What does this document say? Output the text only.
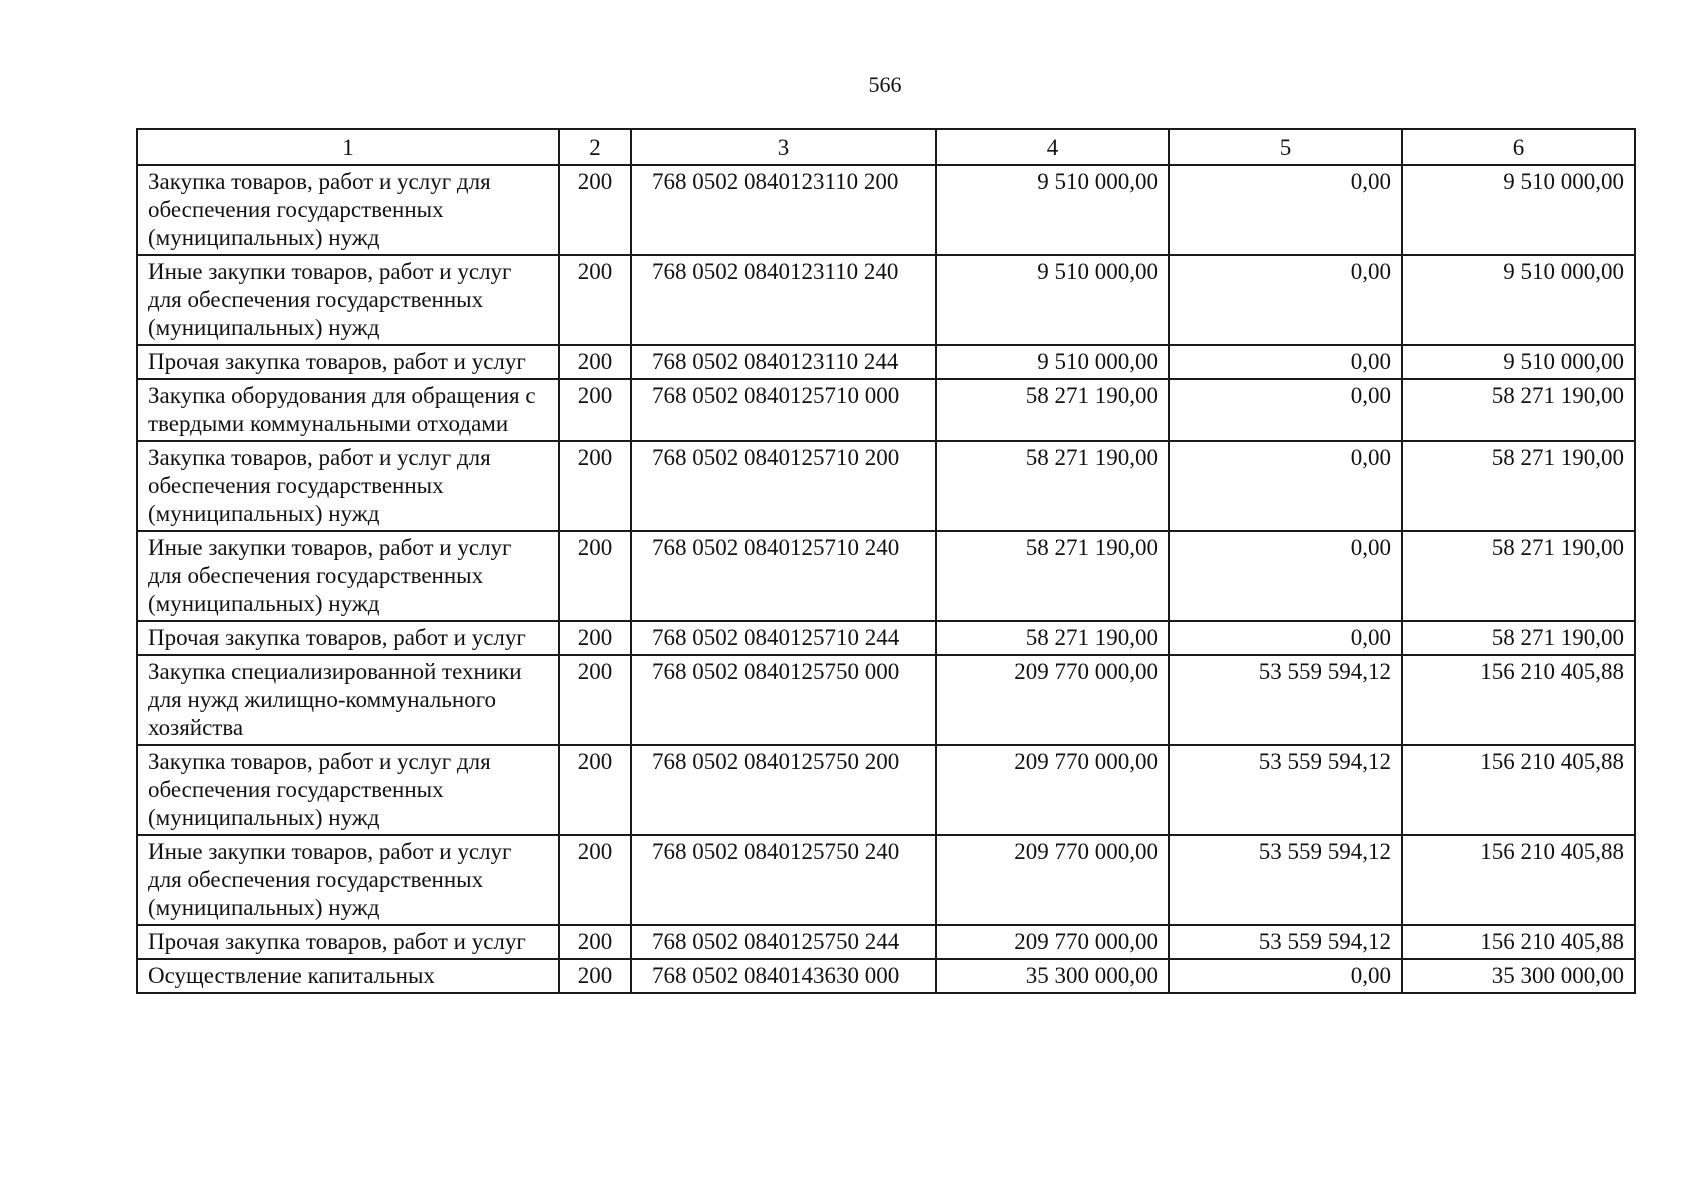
566
1	2	3	4	5	6
Закупка товаров, работ и услуг для обеспечения государственных (муниципальных) нужд	200	768 0502 0840123110 200	9 510 000,00	0,00	9 510 000,00
Иные закупки товаров, работ и услуг для обеспечения государственных (муниципальных) нужд	200	768 0502 0840123110 240	9 510 000,00	0,00	9 510 000,00
Прочая закупка товаров, работ и услуг	200	768 0502 0840123110 244	9 510 000,00	0,00	9 510 000,00
Закупка оборудования для обращения с твердыми коммунальными отходами	200	768 0502 0840125710 000	58 271 190,00	0,00	58 271 190,00
Закупка товаров, работ и услуг для обеспечения государственных (муниципальных) нужд	200	768 0502 0840125710 200	58 271 190,00	0,00	58 271 190,00
Иные закупки товаров, работ и услуг для обеспечения государственных (муниципальных) нужд	200	768 0502 0840125710 240	58 271 190,00	0,00	58 271 190,00
Прочая закупка товаров, работ и услуг	200	768 0502 0840125710 244	58 271 190,00	0,00	58 271 190,00
Закупка специализированной техники для нужд жилищно-коммунального хозяйства	200	768 0502 0840125750 000	209 770 000,00	53 559 594,12	156 210 405,88
Закупка товаров, работ и услуг для обеспечения государственных (муниципальных) нужд	200	768 0502 0840125750 200	209 770 000,00	53 559 594,12	156 210 405,88
Иные закупки товаров, работ и услуг для обеспечения государственных (муниципальных) нужд	200	768 0502 0840125750 240	209 770 000,00	53 559 594,12	156 210 405,88
Прочая закупка товаров, работ и услуг	200	768 0502 0840125750 244	209 770 000,00	53 559 594,12	156 210 405,88
Осуществление капитальных	200	768 0502 0840143630 000	35 300 000,00	0,00	35 300 000,00
